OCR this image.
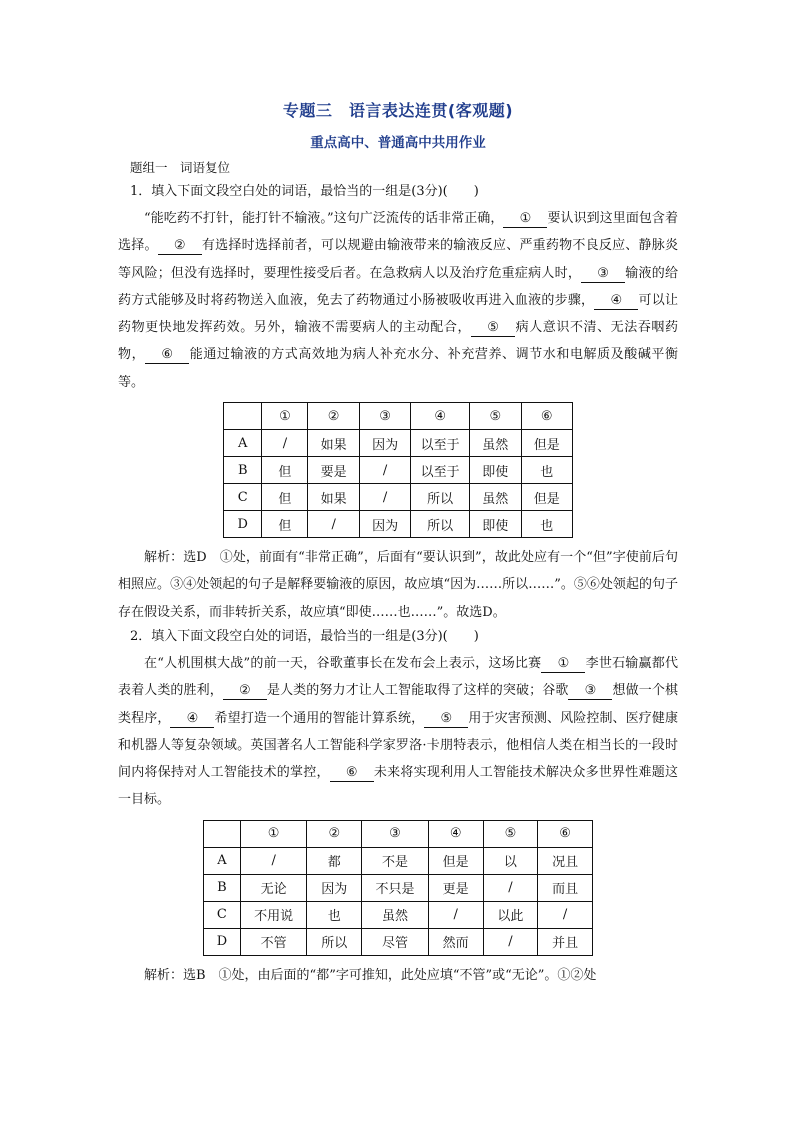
专题三　语言表达连贯(客观题)
重点高中、普通高中共用作业
题组一　词语复位
1．填入下面文段空白处的词语，最恰当的一组是(3分)(　　)

“能吃药不打针，能打针不输液。”这句广泛流传的话非常正确， ① 要认识到这里面包含着选择。 ② 有选择时选择前者，可以规避由输液带来的输液反应、严重药物不良反应、静脉炎等风险；但没有选择时，要理性接受后者。在急救病人以及治疗危重症病人时， ③ 输液的给药方式能够及时将药物送入血液，免去了药物通过小肠被吸收再进入血液的步骤， ④ 可以让药物更快地发挥药效。另外，输液不需要病人的主动配合， ⑤ 病人意识不清、无法吞咽药物， ⑥ 能通过输液的方式高效地为病人补充水分、补充营养、调节水和电解质及酸碱平衡等。

	①	②	③	④	⑤	⑥
A	/	如果	因为	以至于	虽然	但是
B	但	要是	/	以至于	即使	也
C	但	如果	/	所以	虽然	但是
D	但	/	因为	所以	即使	也

解析：选D　①处，前面有“非常正确”，后面有“要认识到”，故此处应有一个“但”字使前后句相照应。③④处领起的句子是解释要输液的原因，故应填“因为……所以……”。⑤⑥处领起的句子存在假设关系，而非转折关系，故应填“即使……也……”。故选D。

2．填入下面文段空白处的词语，最恰当的一组是(3分)(　　)

在“人机围棋大战”的前一天，谷歌董事长在发布会上表示，这场比赛 ① 李世石输赢都代表着人类的胜利， ② 是人类的努力才让人工智能取得了这样的突破；谷歌 ③ 想做一个棋类程序， ④ 希望打造一个通用的智能计算系统， ⑤ 用于灾害预测、风险控制、医疗健康和机器人等复杂领域。英国著名人工智能科学家罗洛·卡朋特表示，他相信人类在相当长的一段时间内将保持对人工智能技术的掌控， ⑥ 未来将实现利用人工智能技术解决众多世界性难题这一目标。

	①	②	③	④	⑤	⑥
A	/	都	不是	但是	以	况且
B	无论	因为	不只是	更是	/	而且
C	不用说	也	虽然	/	以此	/
D	不管	所以	尽管	然而	/	并且

解析：选B　①处，由后面的“都”字可推知，此处应填“不管”或“无论”。①②处
